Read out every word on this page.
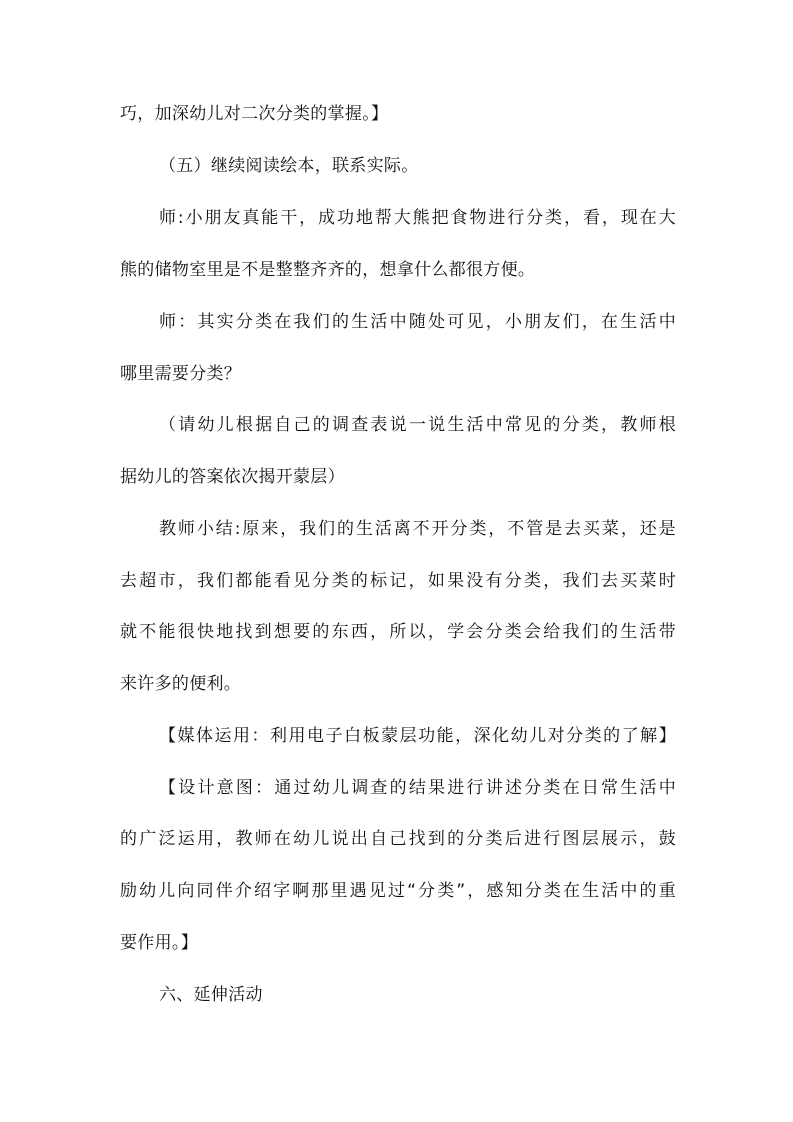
巧，加深幼儿对二次分类的掌握。】
（五）继续阅读绘本，联系实际。
师:小朋友真能干，成功地帮大熊把食物进行分类，看，现在大
熊的储物室里是不是整整齐齐的，想拿什么都很方便。
师：其实分类在我们的生活中随处可见，小朋友们，在生活中
哪里需要分类？
（请幼儿根据自己的调查表说一说生活中常见的分类，教师根
据幼儿的答案依次揭开蒙层）
教师小结:原来，我们的生活离不开分类，不管是去买菜，还是
去超市，我们都能看见分类的标记，如果没有分类，我们去买菜时
就不能很快地找到想要的东西，所以，学会分类会给我们的生活带
来许多的便利。
【媒体运用：利用电子白板蒙层功能，深化幼儿对分类的了解】
【设计意图：通过幼儿调查的结果进行讲述分类在日常生活中
的广泛运用，教师在幼儿说出自己找到的分类后进行图层展示，鼓
励幼儿向同伴介绍字啊那里遇见过“分类”，感知分类在生活中的重
要作用。】
六、延伸活动
